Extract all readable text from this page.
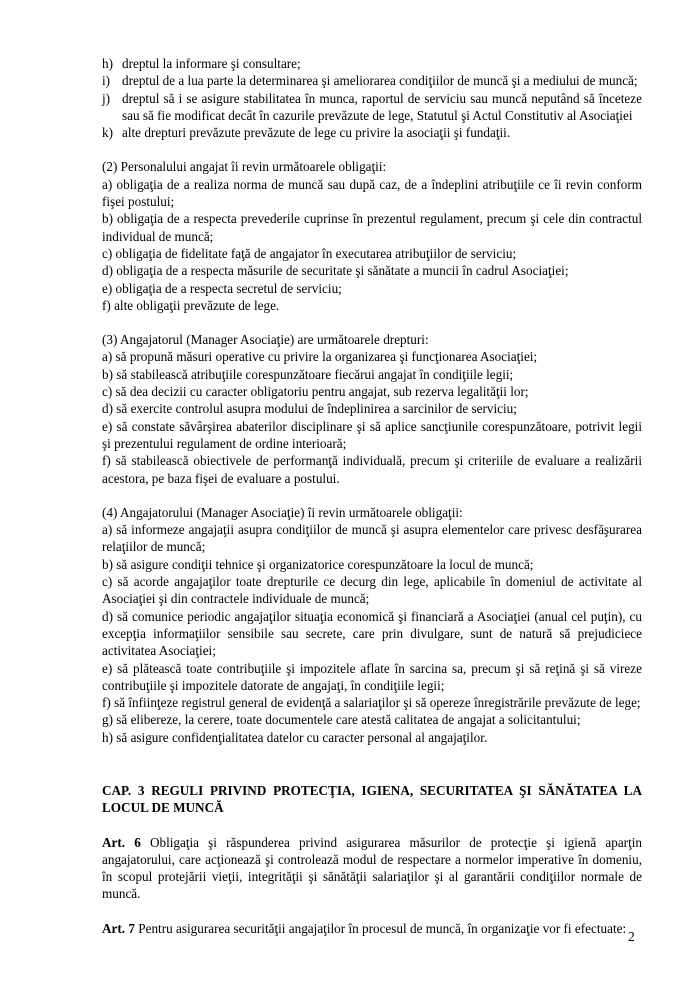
h) dreptul la informare şi consultare;
i) dreptul de a lua parte la determinarea şi ameliorarea condiţiilor de muncă şi a mediului de muncă;
j) dreptul să i se asigure stabilitatea în munca, raportul de serviciu sau muncă neputând să înceteze sau să fie modificat decât în cazurile prevăzute de lege, Statutul şi Actul Constitutiv al Asociaţiei
k) alte drepturi prevăzute prevăzute de lege cu privire la asociaţii şi fundaţii.

(2) Personalului angajat îi revin următoarele obligaţii:

a) obligaţia de a realiza norma de muncă sau după caz, de a îndeplini atribuţiile ce îi revin conform fişei postului;

b) obligaţia de a respecta prevederile cuprinse în prezentul regulament, precum şi cele din contractul individual de muncă;

c) obligaţia de fidelitate faţă de angajator în executarea atribuţiilor de serviciu;

d) obligaţia de a respecta măsurile de securitate şi sănătate a muncii în cadrul Asociaţiei;

e) obligaţia de a respecta secretul de serviciu;

f) alte obligaţii prevăzute de lege.

(3) Angajatorul (Manager Asociaţie) are următoarele drepturi:

a) să propună măsuri operative cu privire la organizarea şi funcţionarea Asociaţiei;

b) să stabilească atribuţiile corespunzătoare fiecărui angajat în condiţiile legii;

c) să dea decizii cu caracter obligatoriu pentru angajat, sub rezerva legalităţii lor;

d) să exercite controlul asupra modului de îndeplinirea a sarcinilor de serviciu;

e) să constate săvârşirea abaterilor disciplinare şi să aplice sancţiunile corespunzătoare, potrivit legii şi prezentului regulament de ordine interioară;

f) să stabilească obiectivele de performanţă individuală, precum şi criteriile de evaluare a realizării acestora, pe baza fişei de evaluare a postului.

(4) Angajatorului (Manager Asociaţie) îi revin următoarele obligaţii:

a) să informeze angajaţii asupra condiţiilor de muncă şi asupra elementelor care privesc desfăşurarea relaţiilor de muncă;

b) să asigure condiţii tehnice şi organizatorice corespunzătoare la locul de muncă;

c) să acorde angajaţilor toate drepturile ce decurg din lege, aplicabile în domeniul de activitate al Asociaţiei şi din contractele individuale de muncă;

d) să comunice periodic angajaţilor situaţia economică şi financiară a Asociaţiei (anual cel puţin), cu excepţia informaţiilor sensibile sau secrete, care prin divulgare, sunt de natură să prejudiciece activitatea Asociaţiei;

e) să plătească toate contribuţiile şi impozitele aflate în sarcina sa, precum şi să reţină şi să vireze contribuţiile şi impozitele datorate de angajaţi, în condiţiile legii;

f) să înfiinţeze registrul general de evidenţă a salariaţilor şi să opereze înregistrările prevăzute de lege;

g) să elibereze, la cerere, toate documentele care atestă calitatea de angajat a solicitantului;

h) să asigure confidenţialitatea datelor cu caracter personal al angajaţilor.

CAP. 3 REGULI PRIVIND PROTECŢIA, IGIENA, SECURITATEA ŞI SĂNĂTATEA LA LOCUL DE MUNCĂ

Art. 6 Obligaţia şi răspunderea privind asigurarea măsurilor de protecţie şi igienă aparţin angajatorului, care acţionează şi controlează modul de respectare a normelor imperative în domeniu, în scopul protejării vieţii, integrităţii şi sănătăţii salariaţilor şi al garantării condiţiilor normale de muncă.

Art. 7 Pentru asigurarea securităţii angajaţilor în procesul de muncă, în organizaţie vor fi efectuate:

2
